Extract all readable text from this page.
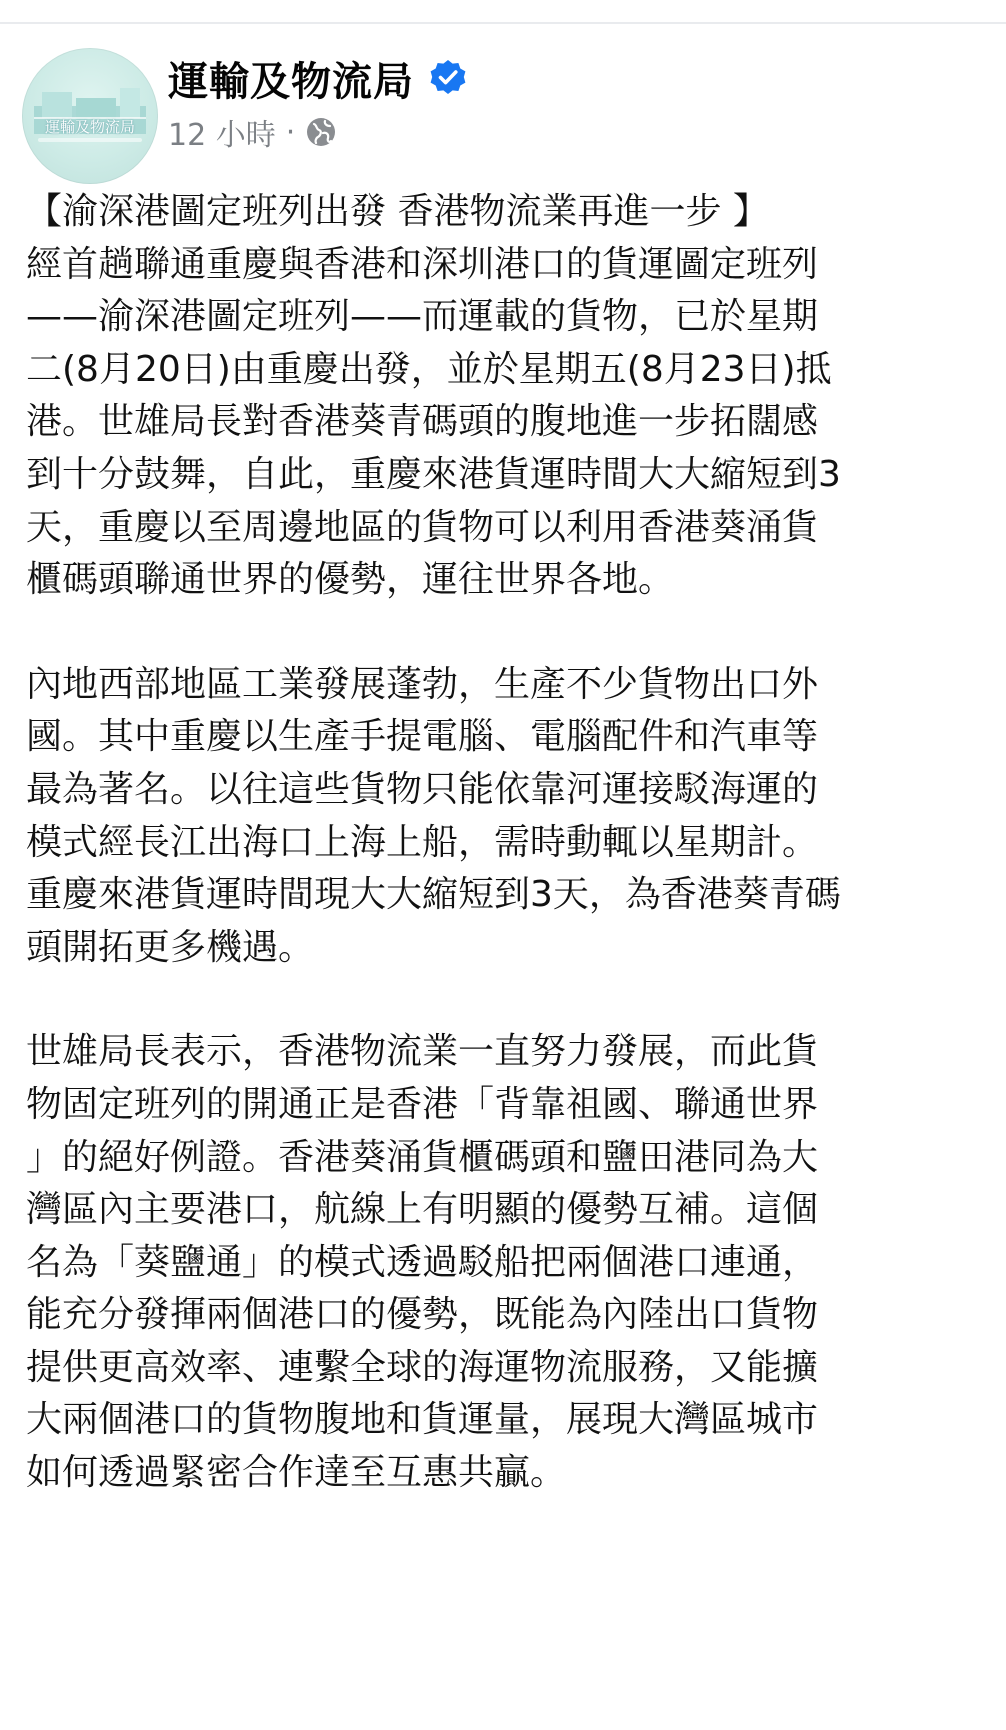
運輸及物流局
運輸及物流局
12 小時 ·

【渝深港圖定班列出發 香港物流業再進一步 】
經首趟聯通重慶與香港和深圳港口的貨運圖定班列
——渝深港圖定班列——而運載的貨物，已於星期
二(8月20日)由重慶出發，並於星期五(8月23日)抵
港。世雄局長對香港葵青碼頭的腹地進一步拓闊感
到十分鼓舞，自此，重慶來港貨運時間大大縮短到3
天，重慶以至周邊地區的貨物可以利用香港葵涌貨
櫃碼頭聯通世界的優勢，運往世界各地。

內地西部地區工業發展蓬勃，生產不少貨物出口外
國。其中重慶以生產手提電腦、電腦配件和汽車等
最為著名。以往這些貨物只能依靠河運接駁海運的
模式經長江出海口上海上船，需時動輒以星期計。
重慶來港貨運時間現大大縮短到3天，為香港葵青碼
頭開拓更多機遇。

世雄局長表示，香港物流業一直努力發展，而此貨
物固定班列的開通正是香港「背靠祖國、聯通世界
」的絕好例證。香港葵涌貨櫃碼頭和鹽田港同為大
灣區內主要港口，航線上有明顯的優勢互補。這個
名為「葵鹽通」的模式透過駁船把兩個港口連通，
能充分發揮兩個港口的優勢，既能為內陸出口貨物
提供更高效率、連繫全球的海運物流服務，又能擴
大兩個港口的貨物腹地和貨運量，展現大灣區城市
如何透過緊密合作達至互惠共贏。
